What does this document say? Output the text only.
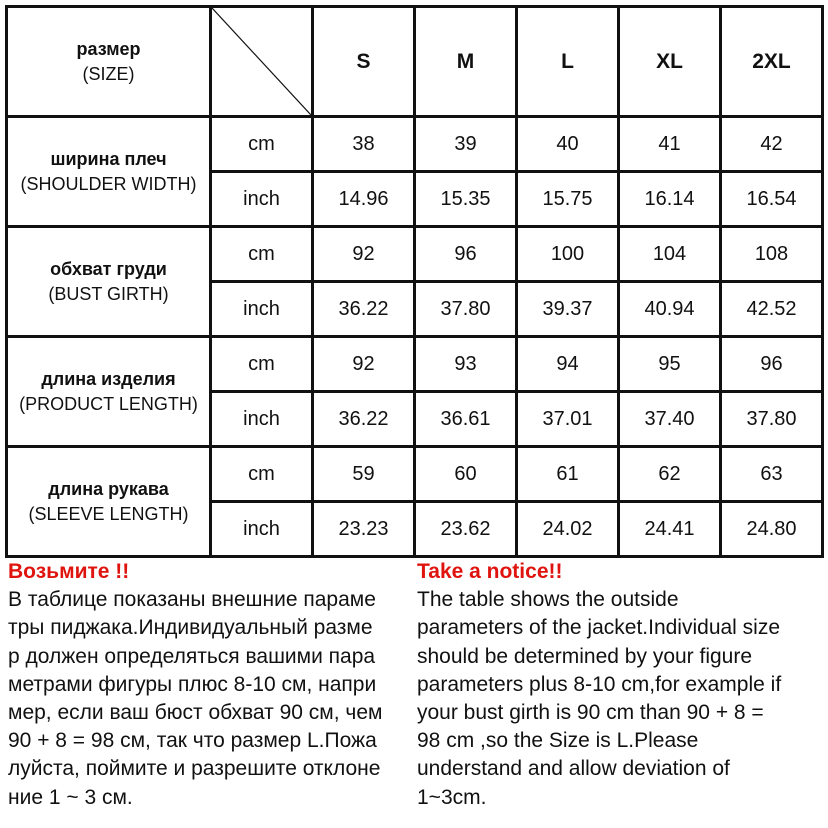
размер
(SIZE)		S	M	L	XL	2XL

ширина плеч
(SHOULDER WIDTH)	cm	38	39	40	41	42
	inch	14.96	15.35	15.75	16.14	16.54

обхват груди
(BUST GIRTH)	cm	92	96	100	104	108
	inch	36.22	37.80	39.37	40.94	42.52

длина изделия
(PRODUCT LENGTH)	cm	92	93	94	95	96
	inch	36.22	36.61	37.01	37.40	37.80

длина рукава
(SLEEVE LENGTH)	cm	59	60	61	62	63
	inch	23.23	23.62	24.02	24.41	24.80
Возьмите !!
В таблице показаны внешние параме
тры пиджака.Индивидуальный разме
р должен определяться вашими пара
метрами фигуры плюс 8-10 см, напри
мер, если ваш бюст обхват 90 см, чем
90 + 8 = 98 см, так что размер L.Пожа
луйста, поймите и разрешите отклоне
ние 1 ~ 3 см.
Take a notice!!
The table shows the outside
parameters of the jacket.Individual size
should be determined by your figure
parameters plus 8-10 cm,for example if
your bust girth is 90 cm than 90 + 8 =
98 cm ,so the Size is L.Please
understand and allow deviation of
1~3cm.
